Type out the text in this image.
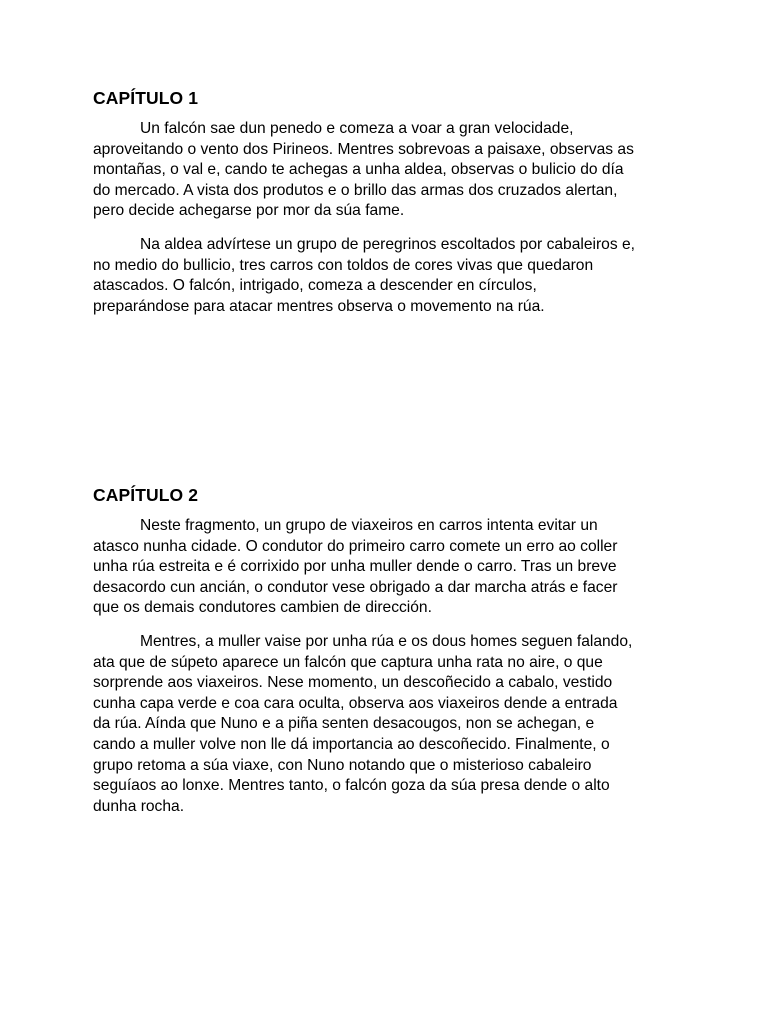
CAPÍTULO 1

Un falcón sae dun penedo e comeza a voar a gran velocidade,
aproveitando o vento dos Pirineos. Mentres sobrevoas a paisaxe, observas as
montañas, o val e, cando te achegas a unha aldea, observas o bulicio do día
do mercado. A vista dos produtos e o brillo das armas dos cruzados alertan,
pero decide achegarse por mor da súa fame.

Na aldea advírtese un grupo de peregrinos escoltados por cabaleiros e,
no medio do bullicio, tres carros con toldos de cores vivas que quedaron
atascados. O falcón, intrigado, comeza a descender en círculos,
preparándose para atacar mentres observa o movemento na rúa.

CAPÍTULO 2

Neste fragmento, un grupo de viaxeiros en carros intenta evitar un
atasco nunha cidade. O condutor do primeiro carro comete un erro ao coller
unha rúa estreita e é corrixido por unha muller dende o carro. Tras un breve
desacordo cun ancián, o condutor vese obrigado a dar marcha atrás e facer
que os demais condutores cambien de dirección.

Mentres, a muller vaise por unha rúa e os dous homes seguen falando,
ata que de súpeto aparece un falcón que captura unha rata no aire, o que
sorprende aos viaxeiros. Nese momento, un descoñecido a cabalo, vestido
cunha capa verde e coa cara oculta, observa aos viaxeiros dende a entrada
da rúa. Aínda que Nuno e a piña senten desacougos, non se achegan, e
cando a muller volve non lle dá importancia ao descoñecido. Finalmente, o
grupo retoma a súa viaxe, con Nuno notando que o misterioso cabaleiro
seguíaos ao lonxe. Mentres tanto, o falcón goza da súa presa dende o alto
dunha rocha.
